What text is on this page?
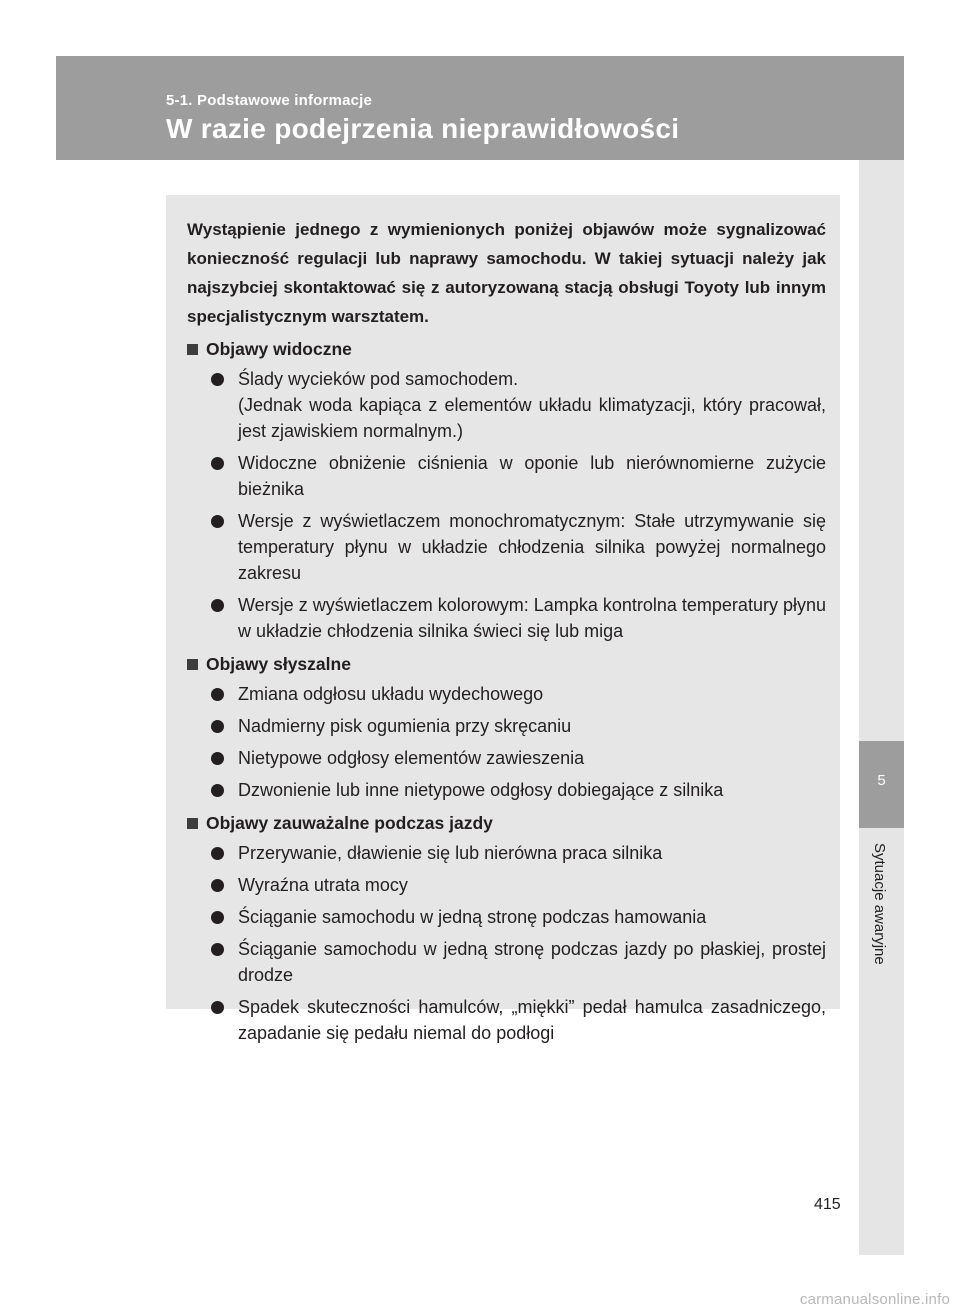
5-1. Podstawowe informacje
W razie podejrzenia nieprawidłowości
5
Sytuacje awaryjne

Wystąpienie jednego z wymienionych poniżej objawów może sygnalizować konieczność regulacji lub naprawy samochodu. W takiej sytuacji należy jak najszybciej skontaktować się z autoryzowaną stacją obsługi Toyoty lub innym specjalistycznym warsztatem.

Objawy widoczne
Ślady wycieków pod samochodem.
(Jednak woda kapiąca z elementów układu klimatyzacji, który pracował, jest zjawiskiem normalnym.)
Widoczne obniżenie ciśnienia w oponie lub nierównomierne zużycie bieżnika
Wersje z wyświetlaczem monochromatycznym: Stałe utrzymywanie się temperatury płynu w układzie chłodzenia silnika powyżej normalnego zakresu
Wersje z wyświetlaczem kolorowym: Lampka kontrolna temperatury płynu w układzie chłodzenia silnika świeci się lub miga
Objawy słyszalne
Zmiana odgłosu układu wydechowego
Nadmierny pisk ogumienia przy skręcaniu
Nietypowe odgłosy elementów zawieszenia
Dzwonienie lub inne nietypowe odgłosy dobiegające z silnika
Objawy zauważalne podczas jazdy
Przerywanie, dławienie się lub nierówna praca silnika
Wyraźna utrata mocy
Ściąganie samochodu w jedną stronę podczas hamowania
Ściąganie samochodu w jedną stronę podczas jazdy po płaskiej, prostej drodze
Spadek skuteczności hamulców, „miękki” pedał hamulca zasadniczego, zapadanie się pedału niemal do podłogi
415
carmanualsonline.info
